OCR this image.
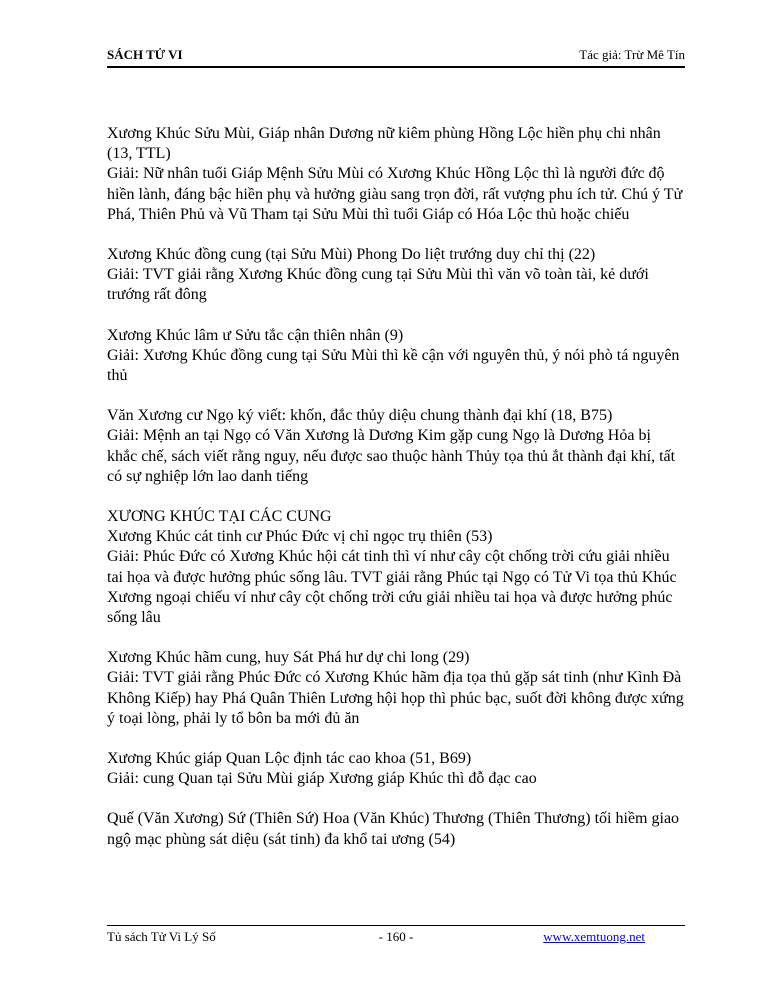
SÁCH TỬ VI	Tác giả: Trừ Mê Tín

Xương Khúc Sửu Mùi, Giáp nhân Dương nữ kiêm phùng Hồng Lộc hiền phụ chi nhân (13, TTL)

Giải: Nữ nhân tuổi Giáp Mệnh Sửu Mùi có Xương Khúc Hồng Lộc thì là người đức độ hiền lành, đáng bậc hiền phụ và hưởng giàu sang trọn đời, rất vượng phu ích tử. Chú ý Tử Phá, Thiên Phủ và Vũ Tham tại Sửu Mùi thì tuổi Giáp có Hóa Lộc thủ hoặc chiếu

Xương Khúc đồng cung (tại Sửu Mùi) Phong Do liệt trướng duy chỉ thị (22)

Giải: TVT giải rằng Xương Khúc đồng cung tại Sửu Mùi thì văn võ toàn tài, kẻ dưới trướng rất đông

Xương Khúc lâm ư Sửu tắc cận thiên nhân (9)

Giải: Xương Khúc đồng cung tại Sửu Mùi thì kề cận với nguyên thủ, ý nói phò tá nguyên thủ

Văn Xương cư Ngọ ký viết: khốn, đắc thủy diệu chung thành đại khí (18, B75)

Giải: Mệnh an tại Ngọ có Văn Xương là Dương Kim gặp cung Ngọ là Dương Hỏa bị khắc chế, sách viết rằng nguy, nếu được sao thuộc hành Thủy tọa thủ ắt thành đại khí, tất có sự nghiệp lớn lao danh tiếng

XƯƠNG KHÚC TẠI CÁC CUNG

Xương Khúc cát tinh cư Phúc Đức vị chỉ ngọc trụ thiên (53)

Giải: Phúc Đức có Xương Khúc hội cát tinh thì ví như cây cột chống trời cứu giải nhiều tai họa và được hưởng phúc sống lâu. TVT giải rằng Phúc tại Ngọ có Tử Vi tọa thủ Khúc Xương ngoại chiếu ví như cây cột chống trời cứu giải nhiều tai họa và được hưởng phúc sống lâu

Xương Khúc hãm cung, huy Sát Phá hư dự chi long (29)

Giải: TVT giải rằng Phúc Đức có Xương Khúc hãm địa tọa thủ gặp sát tinh (như Kình Đà Không Kiếp) hay Phá Quân Thiên Lương hội họp thì phúc bạc, suốt đời không được xứng ý toại lòng, phải ly tổ bôn ba mới đủ ăn

Xương Khúc giáp Quan Lộc định tác cao khoa (51, B69)

Giải: cung Quan tại Sửu Mùi giáp Xương giáp Khúc thì đỗ đạc cao

Quế (Văn Xương) Sứ (Thiên Sứ) Hoa (Văn Khúc) Thương (Thiên Thương) tối hiềm giao ngộ mạc phùng sát diệu (sát tinh) đa khổ tai ương (54)

Tủ sách Tử Vi Lý Số	- 160 -	www.xemtuong.net
